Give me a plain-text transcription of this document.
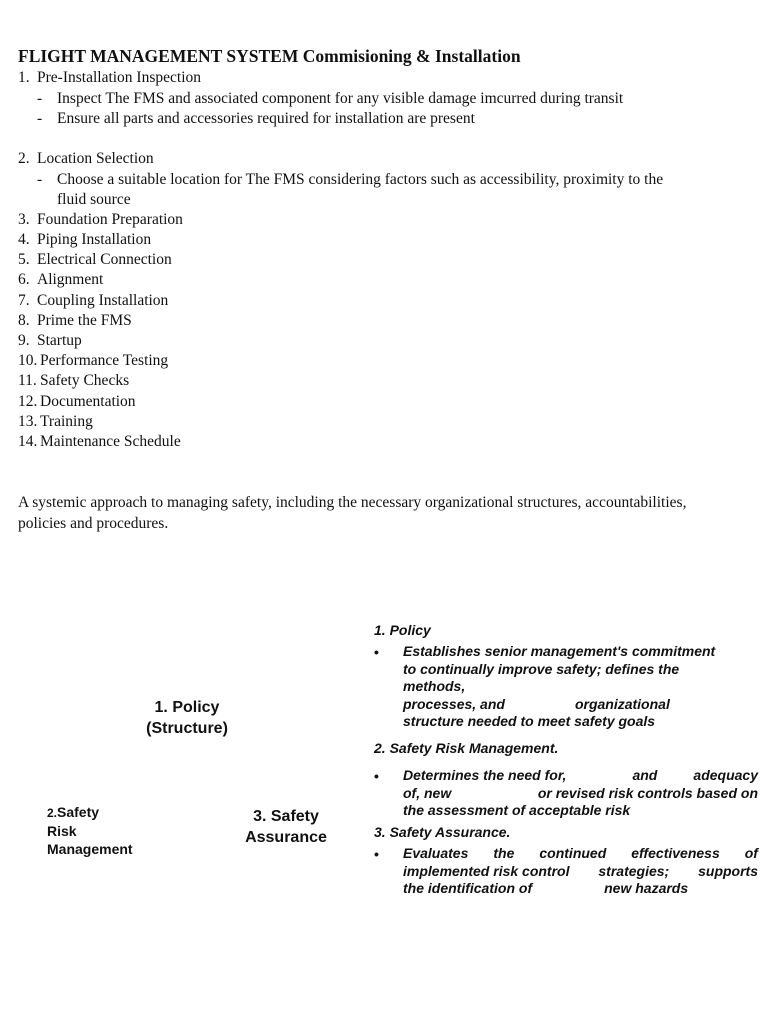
FLIGHT MANAGEMENT SYSTEM Commisioning & Installation
1. Pre-Installation Inspection
- Inspect The FMS and associated component for any visible damage imcurred during transit
- Ensure all parts and accessories required for installation are present
2. Location Selection
- Choose a suitable location for The FMS considering factors such as accessibility, proximity to the
fluid source
3. Foundation Preparation
4. Piping Installation
5. Electrical Connection
6. Alignment
7. Coupling Installation
8. Prime the FMS
9. Startup
10. Performance Testing
11. Safety Checks
12. Documentation
13. Training
14. Maintenance Schedule
A systemic approach to managing safety, including the necessary organizational structures, accountabilities, policies and procedures.
1. Policy
(Structure)
2.Safety
Risk
Management
3. Safety
Assurance
1. Policy
• Establishes senior management's commitment
to continually improve safety; defines the
methods,
processes, and	organizational
structure needed to meet safety goals
2. Safety Risk Management.
• Determines the need for,	and	adequacy
of, new	or revised risk controls based on
the assessment of acceptable risk
3. Safety Assurance.
• Evaluates the continued effectiveness of
implemented risk control strategies; supports
the identification of	new hazards
